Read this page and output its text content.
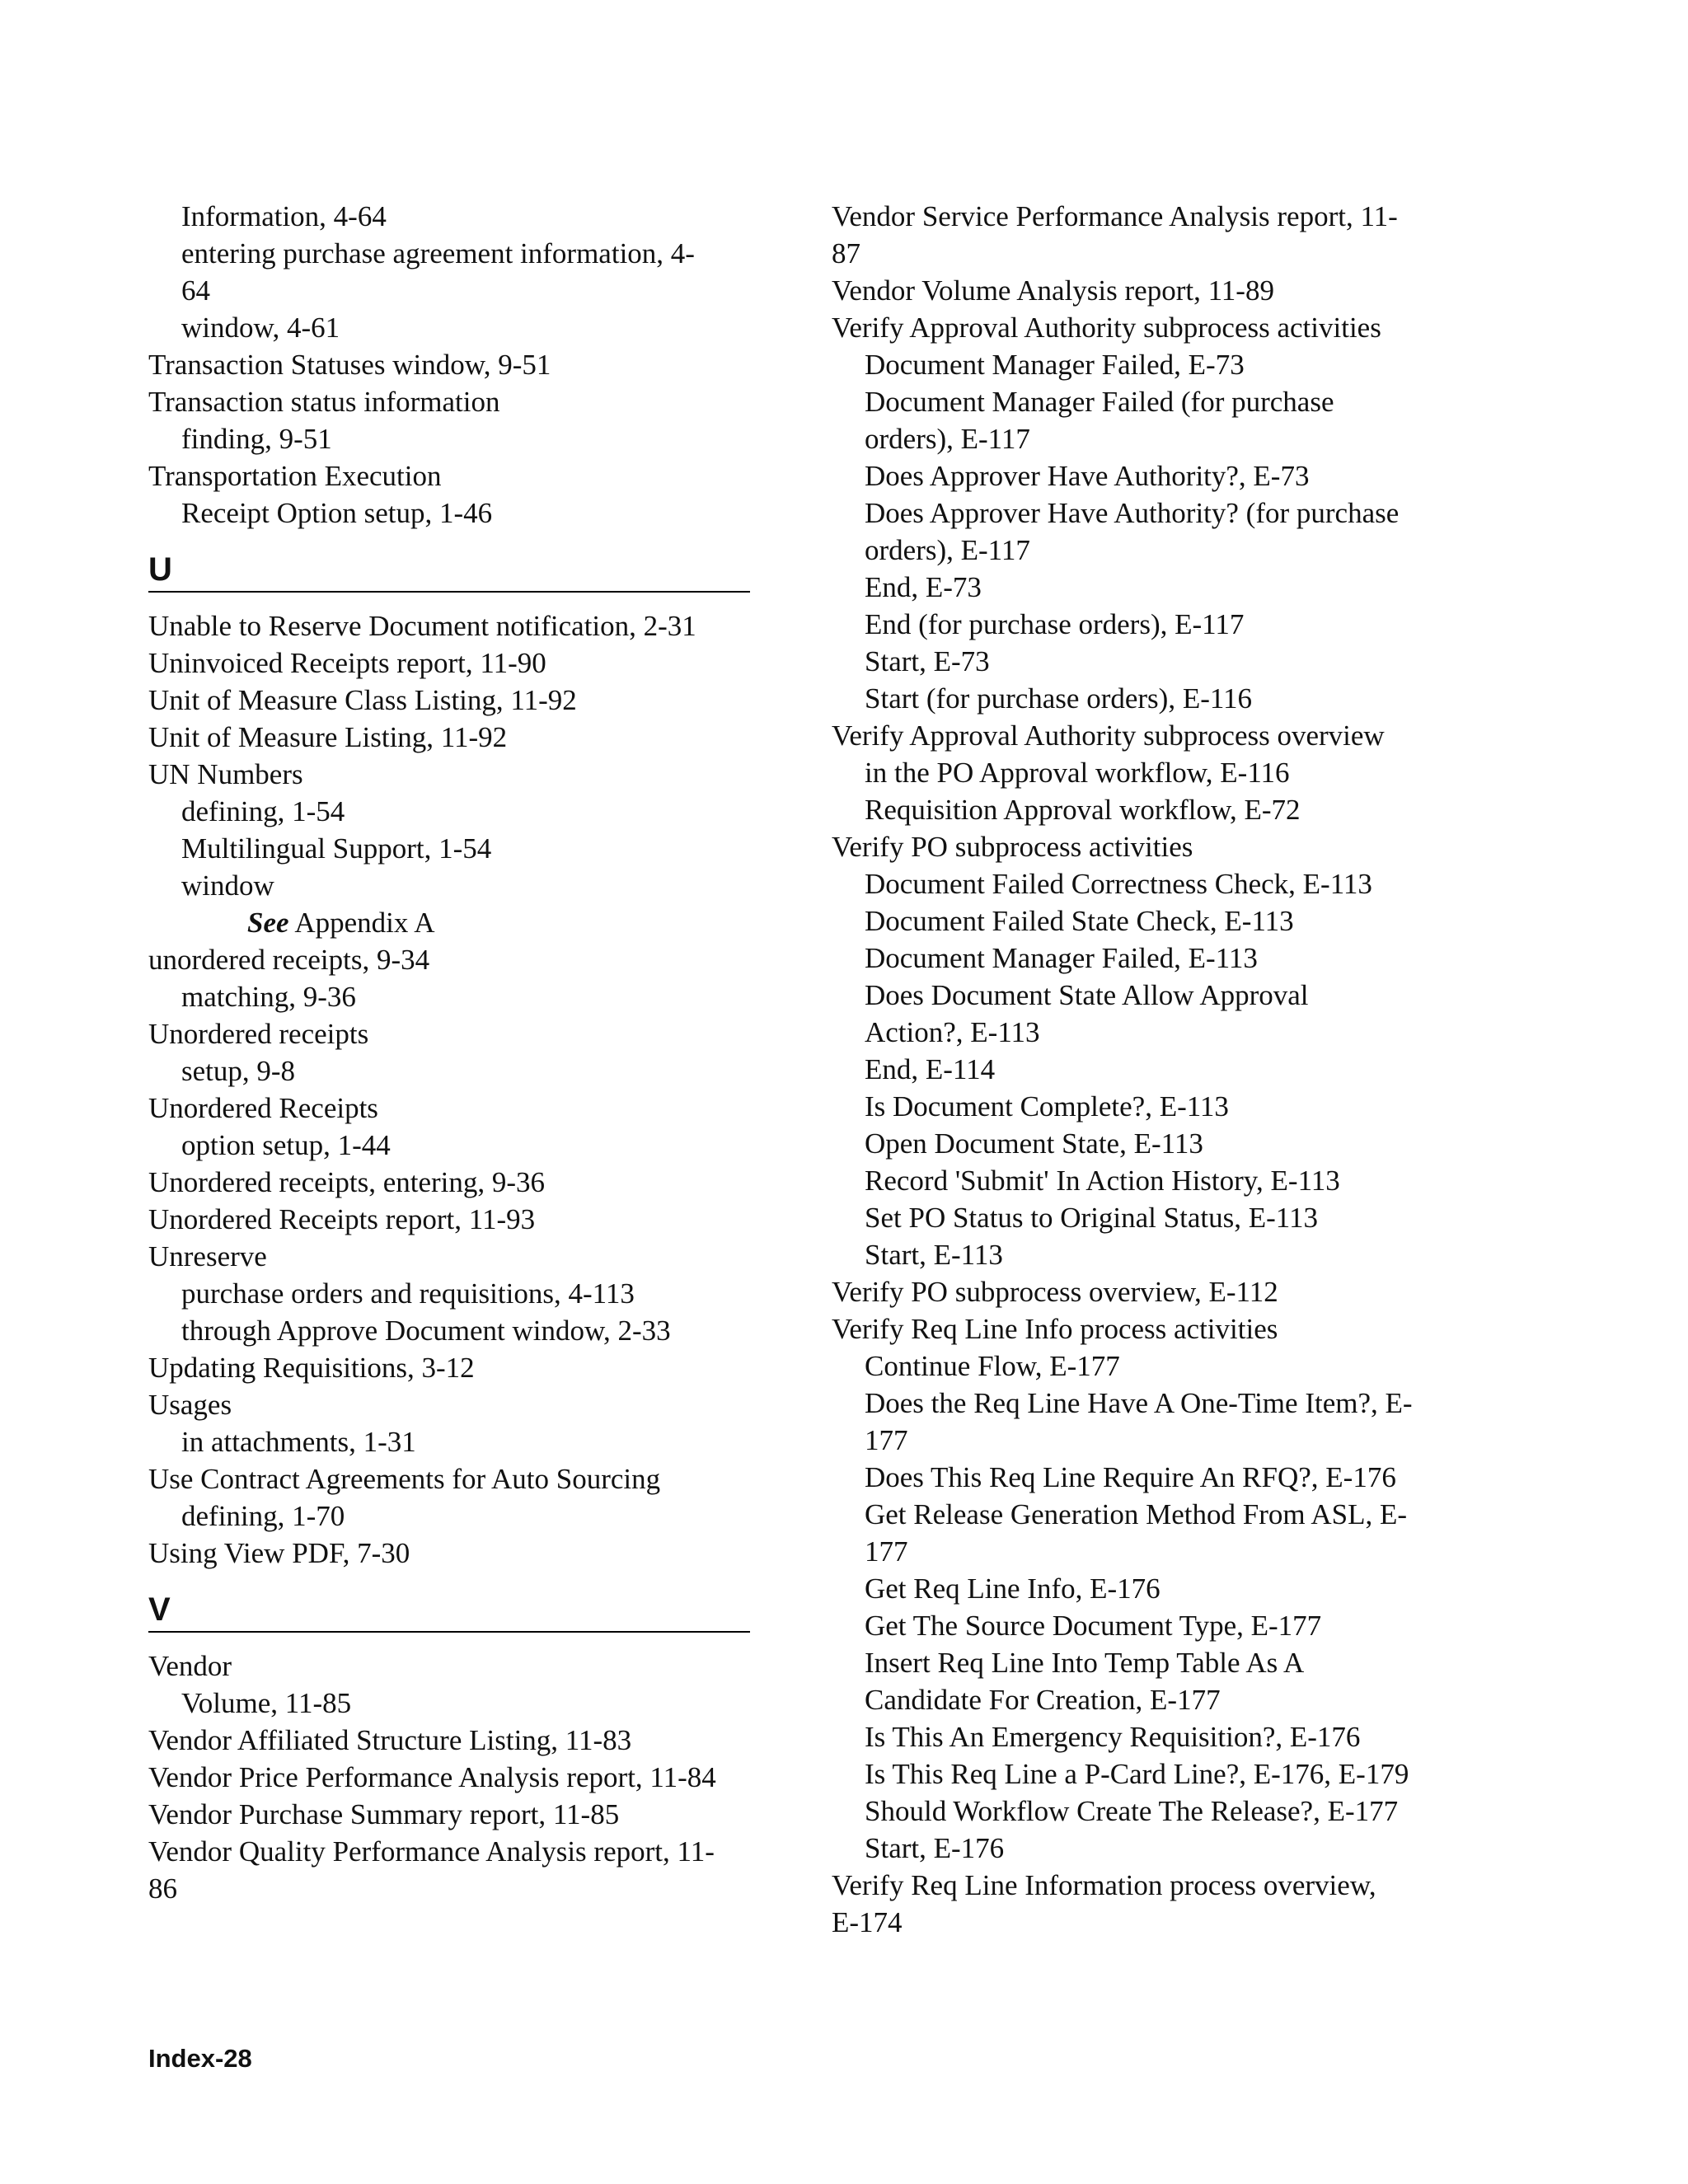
Information, 4-64
entering purchase agreement information, 4-
64
window, 4-61
Transaction Statuses window, 9-51
Transaction status information
finding, 9-51
Transportation Execution
Receipt Option setup, 1-46
U
Unable to Reserve Document notification, 2-31
Uninvoiced Receipts report, 11-90
Unit of Measure Class Listing, 11-92
Unit of Measure Listing, 11-92
UN Numbers
defining, 1-54
Multilingual Support, 1-54
window
See Appendix A
unordered receipts, 9-34
matching, 9-36
Unordered receipts
setup, 9-8
Unordered Receipts
option setup, 1-44
Unordered receipts, entering, 9-36
Unordered Receipts report, 11-93
Unreserve
purchase orders and requisitions, 4-113
through Approve Document window, 2-33
Updating Requisitions, 3-12
Usages
in attachments, 1-31
Use Contract Agreements for Auto Sourcing
defining, 1-70
Using View PDF, 7-30
V
Vendor
Volume, 11-85
Vendor Affiliated Structure Listing, 11-83
Vendor Price Performance Analysis report, 11-84
Vendor Purchase Summary report, 11-85
Vendor Quality Performance Analysis report, 11-
86
Vendor Service Performance Analysis report, 11-
87
Vendor Volume Analysis report, 11-89
Verify Approval Authority subprocess activities
Document Manager Failed, E-73
Document Manager Failed (for purchase
orders), E-117
Does Approver Have Authority?, E-73
Does Approver Have Authority? (for purchase
orders), E-117
End, E-73
End (for purchase orders), E-117
Start, E-73
Start (for purchase orders), E-116
Verify Approval Authority subprocess overview
in the PO Approval workflow, E-116
Requisition Approval workflow, E-72
Verify PO subprocess activities
Document Failed Correctness Check, E-113
Document Failed State Check, E-113
Document Manager Failed, E-113
Does Document State Allow Approval
Action?, E-113
End, E-114
Is Document Complete?, E-113
Open Document State, E-113
Record 'Submit' In Action History, E-113
Set PO Status to Original Status, E-113
Start, E-113
Verify PO subprocess overview, E-112
Verify Req Line Info process activities
Continue Flow, E-177
Does the Req Line Have A One-Time Item?, E-
177
Does This Req Line Require An RFQ?, E-176
Get Release Generation Method From ASL, E-
177
Get Req Line Info, E-176
Get The Source Document Type, E-177
Insert Req Line Into Temp Table As A
Candidate For Creation, E-177
Is This An Emergency Requisition?, E-176
Is This Req Line a P-Card Line?, E-176, E-179
Should Workflow Create The Release?, E-177
Start, E-176
Verify Req Line Information process overview,
E-174
Index-28
